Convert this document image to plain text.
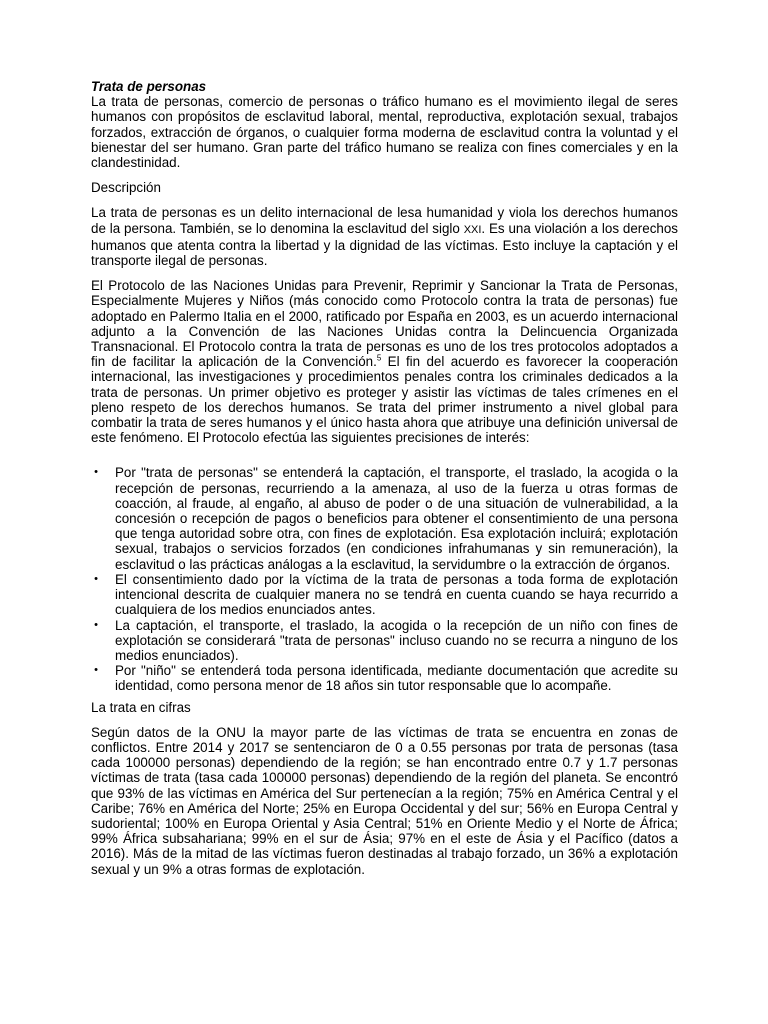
Trata de personas

La trata de personas, comercio de personas o tráfico humano es el movimiento ilegal de seres humanos con propósitos de esclavitud laboral, mental, reproductiva, explotación sexual, trabajos forzados, extracción de órganos, o cualquier forma moderna de esclavitud contra la voluntad y el bienestar del ser humano. Gran parte del tráfico humano se realiza con fines comerciales y en la clandestinidad.

Descripción

La trata de personas es un delito internacional de lesa humanidad y viola los derechos humanos de la persona. También, se lo denomina la esclavitud del siglo XXI. Es una violación a los derechos humanos que atenta contra la libertad y la dignidad de las víctimas. Esto incluye la captación y el transporte ilegal de personas.

El Protocolo de las Naciones Unidas para Prevenir, Reprimir y Sancionar la Trata de Personas, Especialmente Mujeres y Niños (más conocido como Protocolo contra la trata de personas) fue adoptado en Palermo Italia en el 2000, ratificado por España en 2003, es un acuerdo internacional adjunto a la Convención de las Naciones Unidas contra la Delincuencia Organizada Transnacional. El Protocolo contra la trata de personas es uno de los tres protocolos adoptados a fin de facilitar la aplicación de la Convención.$^5$ El fin del acuerdo es favorecer la cooperación internacional, las investigaciones y procedimientos penales contra los criminales dedicados a la trata de personas. Un primer objetivo es proteger y asistir las víctimas de tales crímenes en el pleno respeto de los derechos humanos. Se trata del primer instrumento a nivel global para combatir la trata de seres humanos y el único hasta ahora que atribuye una definición universal de este fenómeno. El Protocolo efectúa las siguientes precisiones de interés:

• Por "trata de personas" se entenderá la captación, el transporte, el traslado, la acogida o la recepción de personas, recurriendo a la amenaza, al uso de la fuerza u otras formas de coacción, al fraude, al engaño, al abuso de poder o de una situación de vulnerabilidad, a la concesión o recepción de pagos o beneficios para obtener el consentimiento de una persona que tenga autoridad sobre otra, con fines de explotación. Esa explotación incluirá; explotación sexual, trabajos o servicios forzados (en condiciones infrahumanas y sin remuneración), la esclavitud o las prácticas análogas a la esclavitud, la servidumbre o la extracción de órganos.
• El consentimiento dado por la víctima de la trata de personas a toda forma de explotación intencional descrita de cualquier manera no se tendrá en cuenta cuando se haya recurrido a cualquiera de los medios enunciados antes.
• La captación, el transporte, el traslado, la acogida o la recepción de un niño con fines de explotación se considerará "trata de personas" incluso cuando no se recurra a ninguno de los medios enunciados).
• Por "niño" se entenderá toda persona identificada, mediante documentación que acredite su identidad, como persona menor de 18 años sin tutor responsable que lo acompañe.
La trata en cifras

Según datos de la ONU la mayor parte de las víctimas de trata se encuentra en zonas de conflictos. Entre 2014 y 2017 se sentenciaron de 0 a 0.55 personas por trata de personas (tasa cada 100000 personas) dependiendo de la región; se han encontrado entre 0.7 y 1.7 personas víctimas de trata (tasa cada 100000 personas) dependiendo de la región del planeta. Se encontró que 93% de las víctimas en América del Sur pertenecían a la región; 75% en América Central y el Caribe; 76% en América del Norte; 25% en Europa Occidental y del sur; 56% en Europa Central y sudoriental; 100% en Europa Oriental y Asia Central; 51% en Oriente Medio y el Norte de África; 99% África subsahariana; 99% en el sur de Ásia; 97% en el este de Ásia y el Pacífico (datos a 2016). Más de la mitad de las víctimas fueron destinadas al trabajo forzado, un 36% a explotación sexual y un 9% a otras formas de explotación.
